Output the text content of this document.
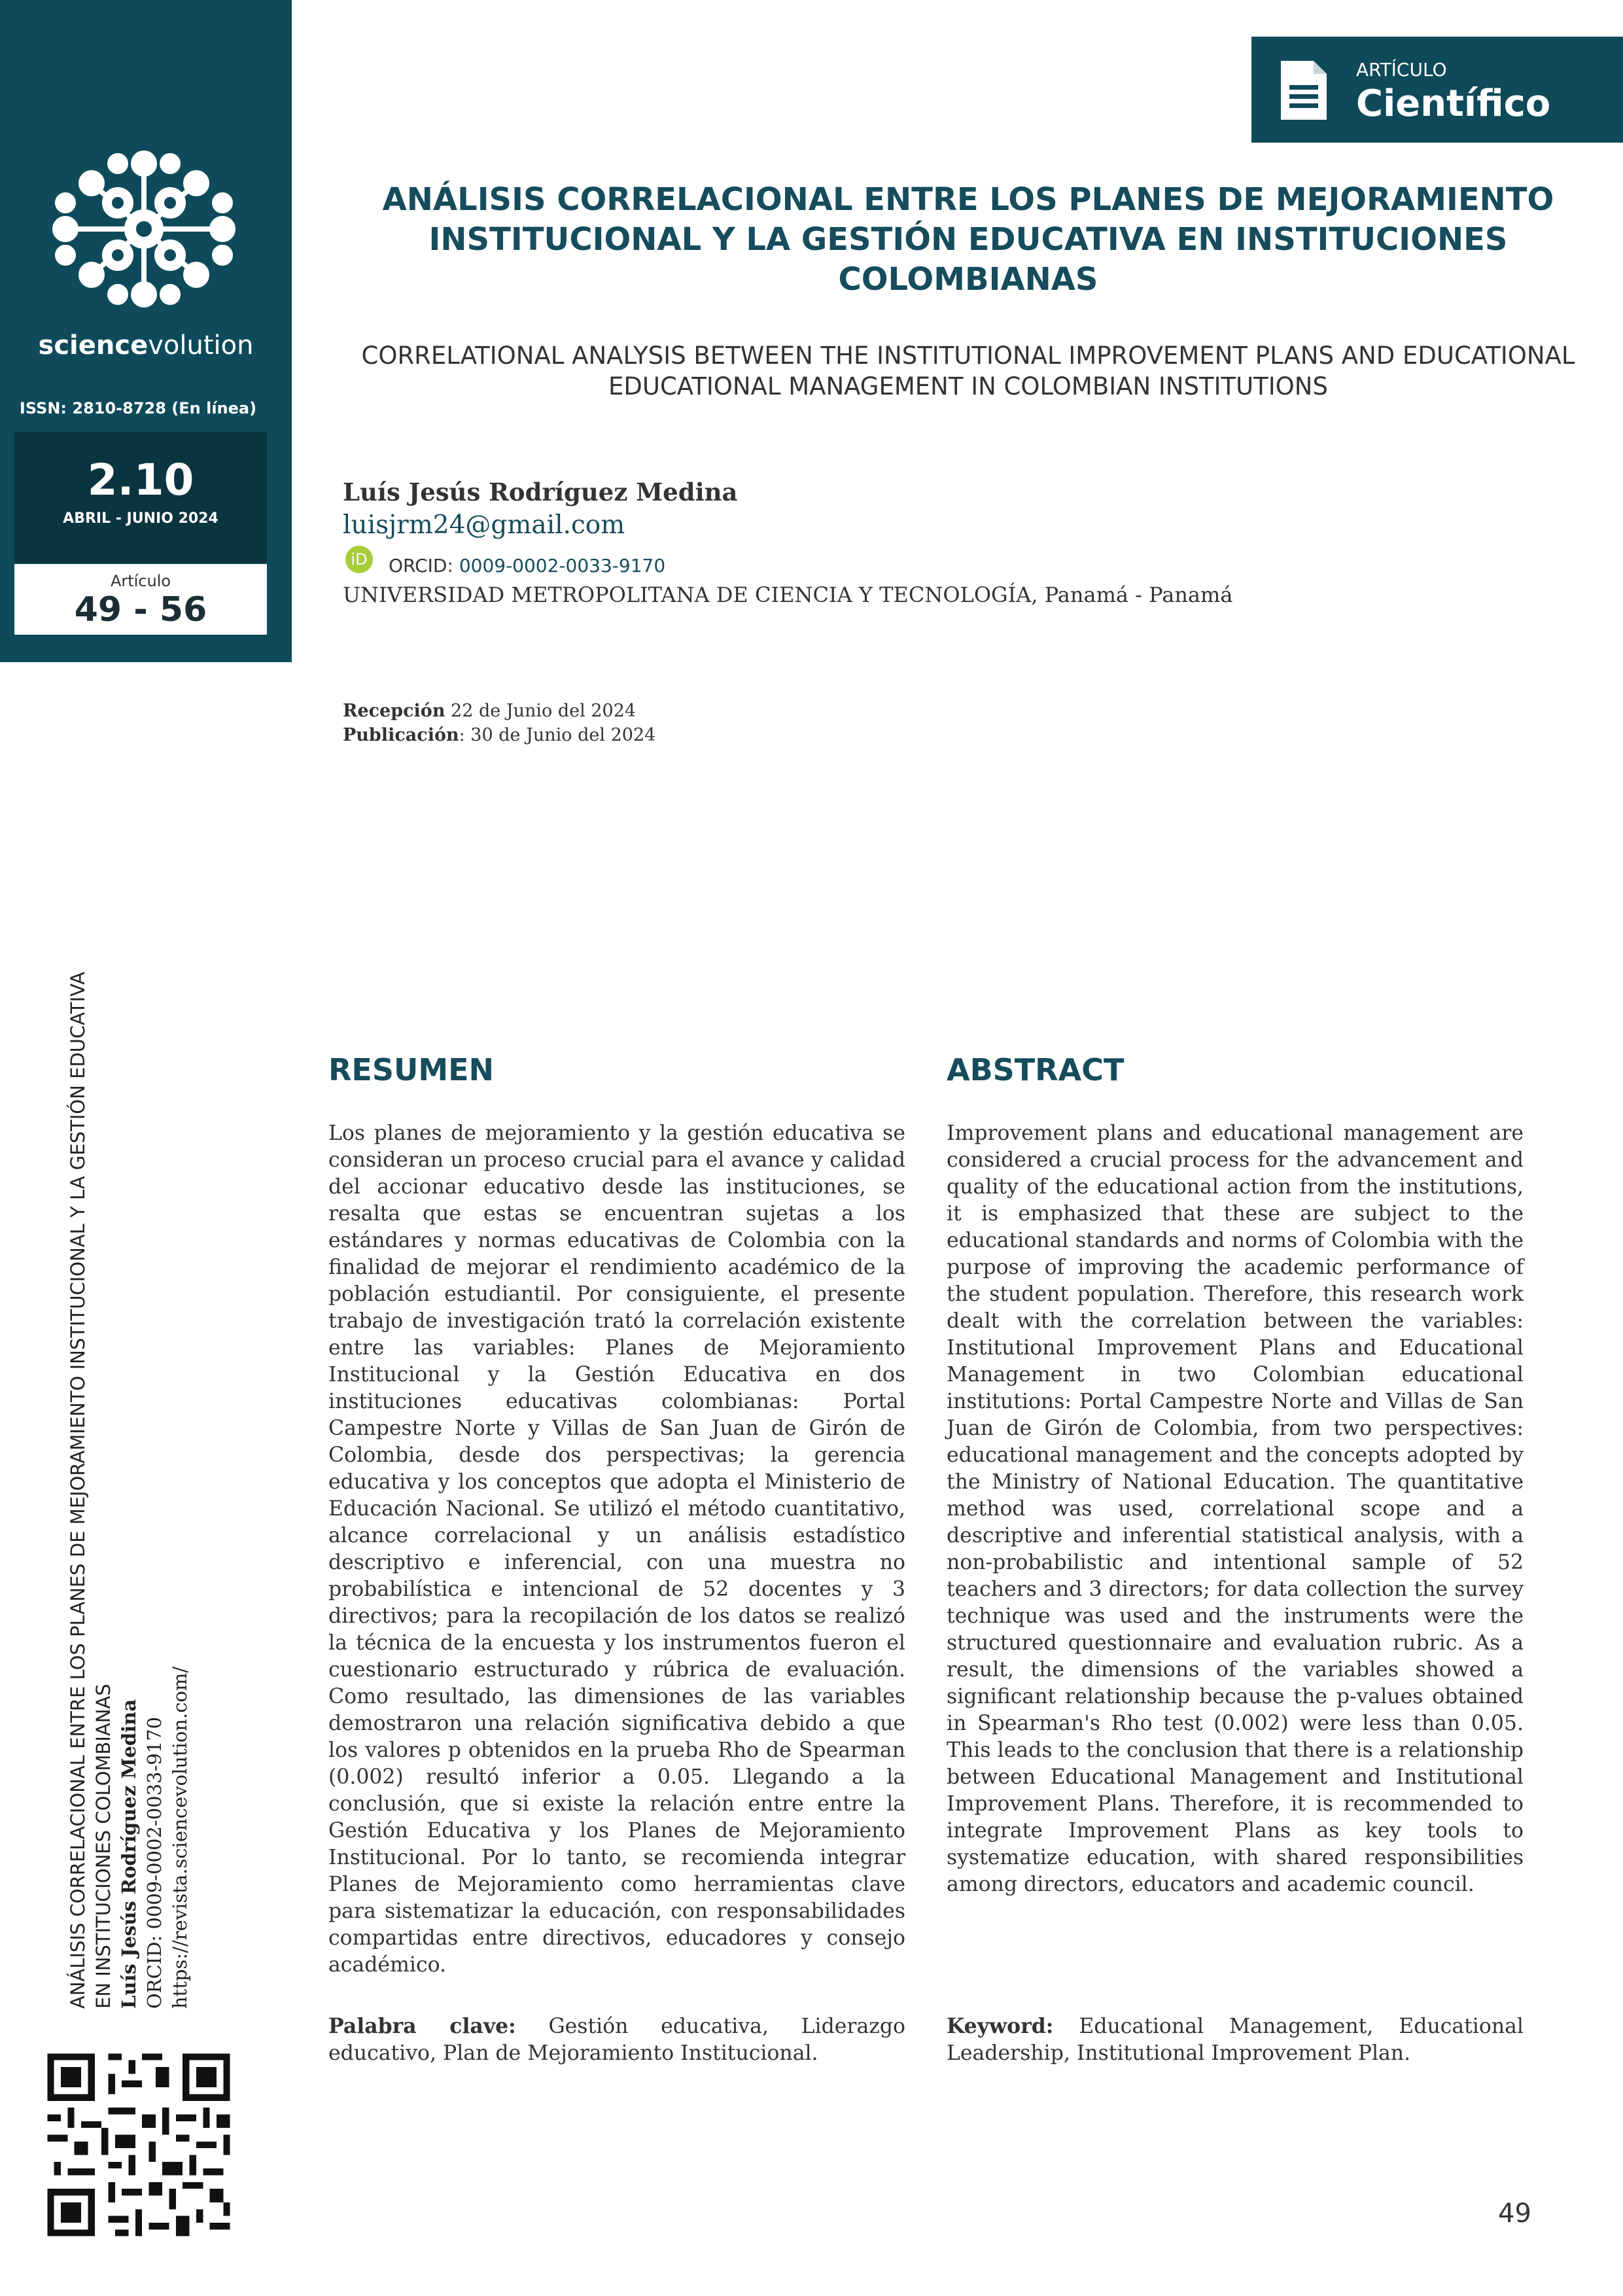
sciencevolution
ISSN: 2810-8728 (En línea)
2.10
ABRIL - JUNIO 2024
Artículo
49 - 56
ARTÍCULO
Científico
ANÁLISIS CORRELACIONAL ENTRE LOS PLANES DE MEJORAMIENTO INSTITUCIONAL Y LA GESTIÓN EDUCATIVA EN INSTITUCIONES COLOMBIANAS
CORRELATIONAL ANALYSIS BETWEEN THE INSTITUTIONAL IMPROVEMENT PLANS AND EDUCATIONAL EDUCATIONAL MANAGEMENT IN COLOMBIAN INSTITUTIONS
Luís Jesús Rodríguez Medina
luisjrm24@gmail.com
iD	ORCID: 0009-0002-0033-9170
UNIVERSIDAD METROPOLITANA DE CIENCIA Y TECNOLOGÍA, Panamá - Panamá
Recepción 22 de Junio del 2024
Publicación: 30 de Junio del 2024
RESUMEN
Los planes de mejoramiento y la gestión educativa se consideran un proceso crucial para el avance y calidad del accionar educativo desde las instituciones, se resalta que estas se encuentran sujetas a los estándares y normas educativas de Colombia con la finalidad de mejorar el rendimiento académico de la población estudiantil. Por consiguiente, el presente trabajo de investigación trató la correlación existente entre las variables: Planes de Mejoramiento Institucional y la Gestión Educativa en dos instituciones educativas colombianas: Portal Campestre Norte y Villas de San Juan de Girón de Colombia, desde dos perspectivas; la gerencia educativa y los conceptos que adopta el Ministerio de Educación Nacional. Se utilizó el método cuantitativo, alcance correlacional y un análisis estadístico descriptivo e inferencial, con una muestra no probabilística e intencional de 52 docentes y 3 directivos; para la recopilación de los datos se realizó la técnica de la encuesta y los instrumentos fueron el cuestionario estructurado y rúbrica de evaluación. Como resultado, las dimensiones de las variables demostraron una relación significativa debido a que los valores p obtenidos en la prueba Rho de Spearman (0.002) resultó inferior a 0.05. Llegando a la conclusión, que si existe la relación entre entre la Gestión Educativa y los Planes de Mejoramiento Institucional. Por lo tanto, se recomienda integrar Planes de Mejoramiento como herramientas clave para sistematizar la educación, con responsabilidades compartidas entre directivos, educadores y consejo académico.
Palabra clave: Gestión educativa, Liderazgo educativo, Plan de Mejoramiento Institucional.
ABSTRACT
Improvement plans and educational management are considered a crucial process for the advancement and quality of the educational action from the institutions, it is emphasized that these are subject to the educational standards and norms of Colombia with the purpose of improving the academic performance of the student population. Therefore, this research work dealt with the correlation between the variables: Institutional Improvement Plans and Educational Management in two Colombian educational institutions: Portal Campestre Norte and Villas de San Juan de Girón de Colombia, from two perspectives: educational management and the concepts adopted by the Ministry of National Education. The quantitative method was used, correlational scope and a descriptive and inferential statistical analysis, with a non-probabilistic and intentional sample of 52 teachers and 3 directors; for data collection the survey technique was used and the instruments were the structured questionnaire and evaluation rubric. As a result, the dimensions of the variables showed a significant relationship because the p-values obtained in Spearman's Rho test (0.002) were less than 0.05. This leads to the conclusion that there is a relationship between Educational Management and Institutional Improvement Plans. Therefore, it is recommended to integrate Improvement Plans as key tools to systematize education, with shared responsibilities among directors, educators and academic council.
Keyword: Educational Management, Educational Leadership, Institutional Improvement Plan.
ANÁLISIS CORRELACIONAL ENTRE LOS PLANES DE MEJORAMIENTO INSTITUCIONAL Y LA GESTIÓN EDUCATIVA EN INSTITUCIONES COLOMBIANAS Luís Jesús Rodríguez Medina ORCID: 0009-0002-0033-9170 https://revista.sciencevolution.com/
49
